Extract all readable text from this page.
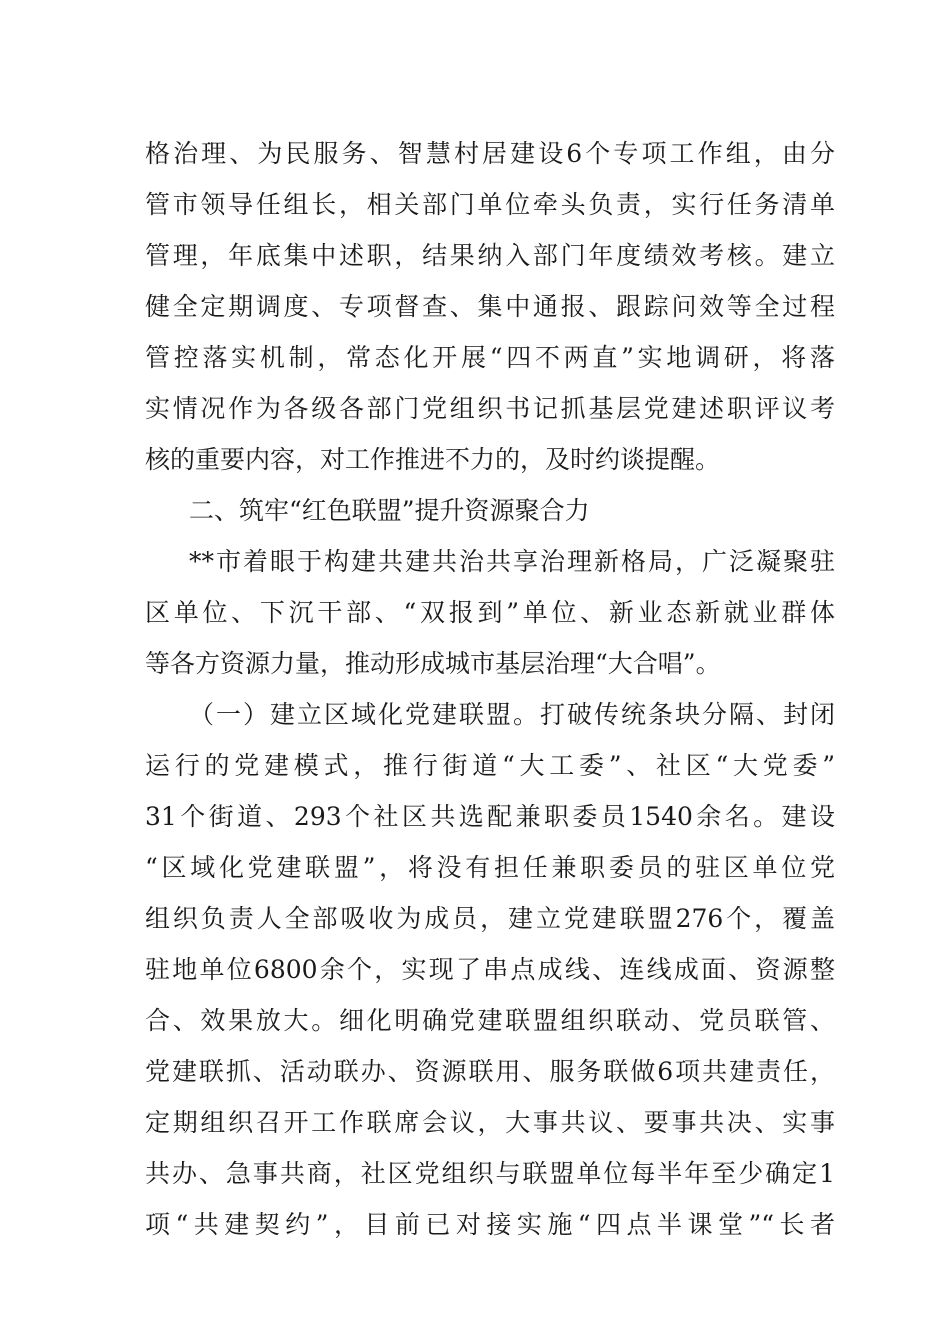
格治理、为民服务、智慧村居建设6个专项工作组，由分
管市领导任组长，相关部门单位牵头负责，实行任务清单
管理，年底集中述职，结果纳入部门年度绩效考核。建立
健全定期调度、专项督查、集中通报、跟踪问效等全过程
管控落实机制，常态化开展“四不两直”实地调研，将落
实情况作为各级各部门党组织书记抓基层党建述职评议考
核的重要内容，对工作推进不力的，及时约谈提醒。
二、筑牢“红色联盟”提升资源聚合力
**市着眼于构建共建共治共享治理新格局，广泛凝聚驻
区单位、下沉干部、“双报到”单位、新业态新就业群体
等各方资源力量，推动形成城市基层治理“大合唱”。
（一）建立区域化党建联盟。打破传统条块分隔、封闭
运行的党建模式，推行街道“大工委”、社区“大党委”
31个街道、293个社区共选配兼职委员1540余名。建设
“区域化党建联盟”，将没有担任兼职委员的驻区单位党
组织负责人全部吸收为成员，建立党建联盟276个，覆盖
驻地单位6800余个，实现了串点成线、连线成面、资源整
合、效果放大。细化明确党建联盟组织联动、党员联管、
党建联抓、活动联办、资源联用、服务联做6项共建责任，
定期组织召开工作联席会议，大事共议、要事共决、实事
共办、急事共商，社区党组织与联盟单位每半年至少确定1
项“共建契约”，目前已对接实施“四点半课堂”“长者
